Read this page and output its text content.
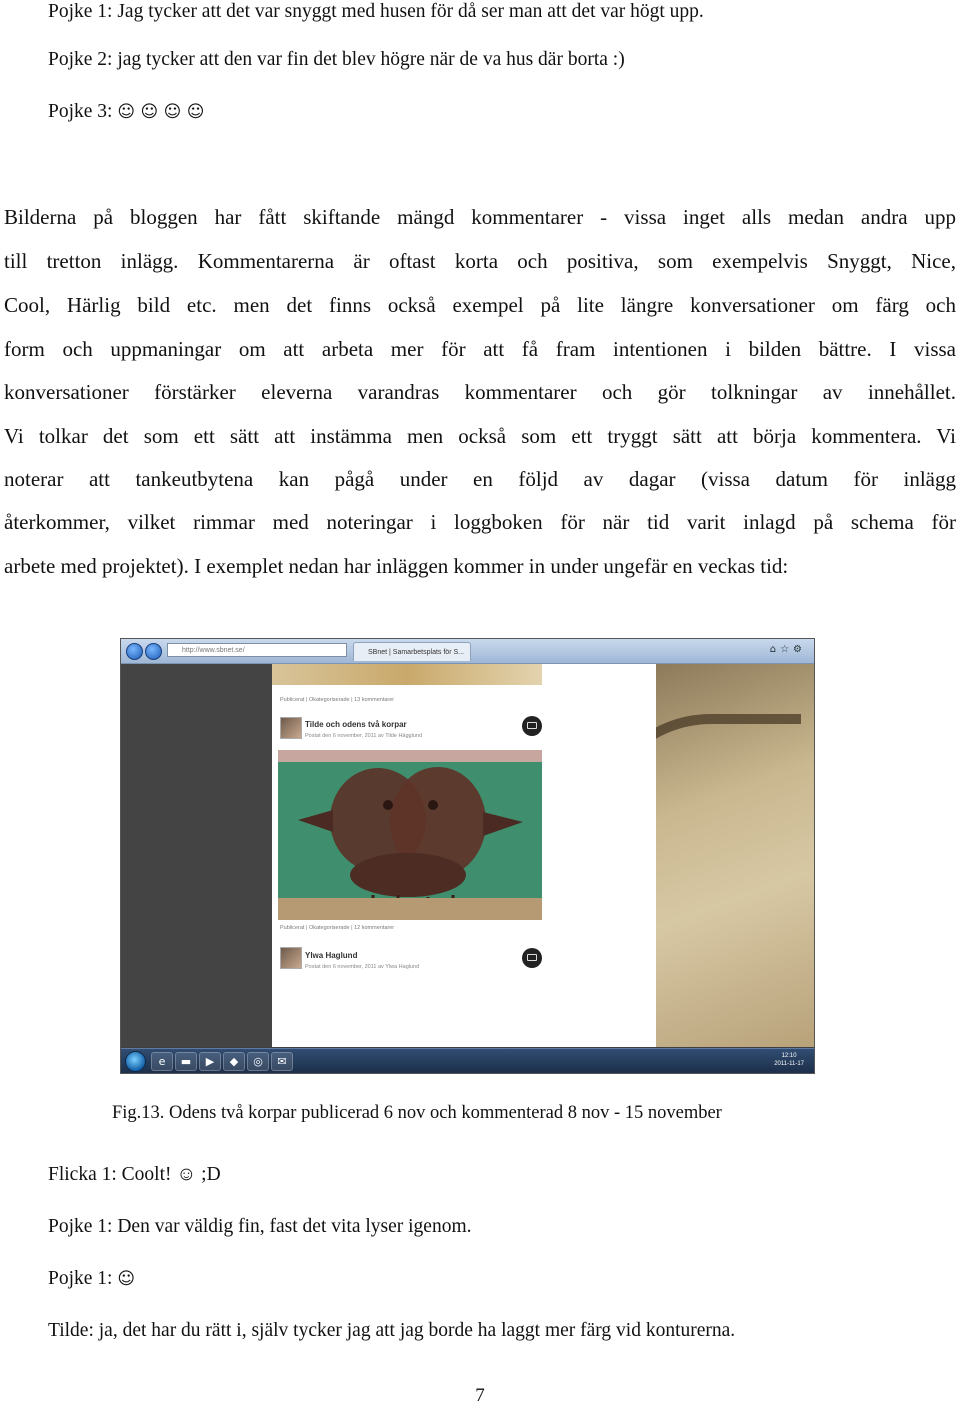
Pojke 1: Jag tycker att det var snyggt med husen för då ser man att det var högt upp.
Pojke 2: jag tycker att den var fin det blev högre när de va hus där borta :)
Pojke 3: ☺ ☺ ☺ ☺
Bilderna på bloggen har fått skiftande mängd kommentarer - vissa inget alls medan andra upp
till tretton inlägg. Kommentarerna är oftast korta och positiva, som exempelvis Snyggt, Nice,
Cool, Härlig bild etc. men det finns också exempel på lite längre konversationer om färg och
form och uppmaningar om att arbeta mer för att få fram intentionen i bilden bättre. I vissa
konversationer förstärker eleverna varandras kommentarer och gör tolkningar av innehållet.
Vi tolkar det som ett sätt att instämma men också som ett tryggt sätt att börja kommentera. Vi
noterar att tankeutbytena kan pågå under en följd av dagar (vissa datum för inlägg
återkommer, vilket rimmar med noteringar i loggboken för när tid varit inlagd på schema för
arbete med projektet). I exemplet nedan har inläggen kommer in under ungefär en veckas tid:
http://www.sbnet.se/	SBnet | Samarbetsplats för S...	⌂☆⚙
Publicerat | Okategoriserade | 13 kommentarer
Tilde och odens två korpar
Postat den 6 november, 2011 av Tilde Hägglund
Publicerat | Okategoriserade | 12 kommentarer
Ylwa Haglund
Postat den 6 november, 2011 av Ylwa Haglund
e	▬	▶	◆	◎	✉	12:10
2011-11-17
Fig.13. Odens två korpar publicerad 6 nov och kommenterad 8 nov - 15 november
Flicka 1: Coolt! ☺ ;D
Pojke 1: Den var väldig fin, fast det vita lyser igenom.
Pojke 1: ☺
Tilde: ja, det har du rätt i, själv tycker jag att jag borde ha laggt mer färg vid konturerna.
7
